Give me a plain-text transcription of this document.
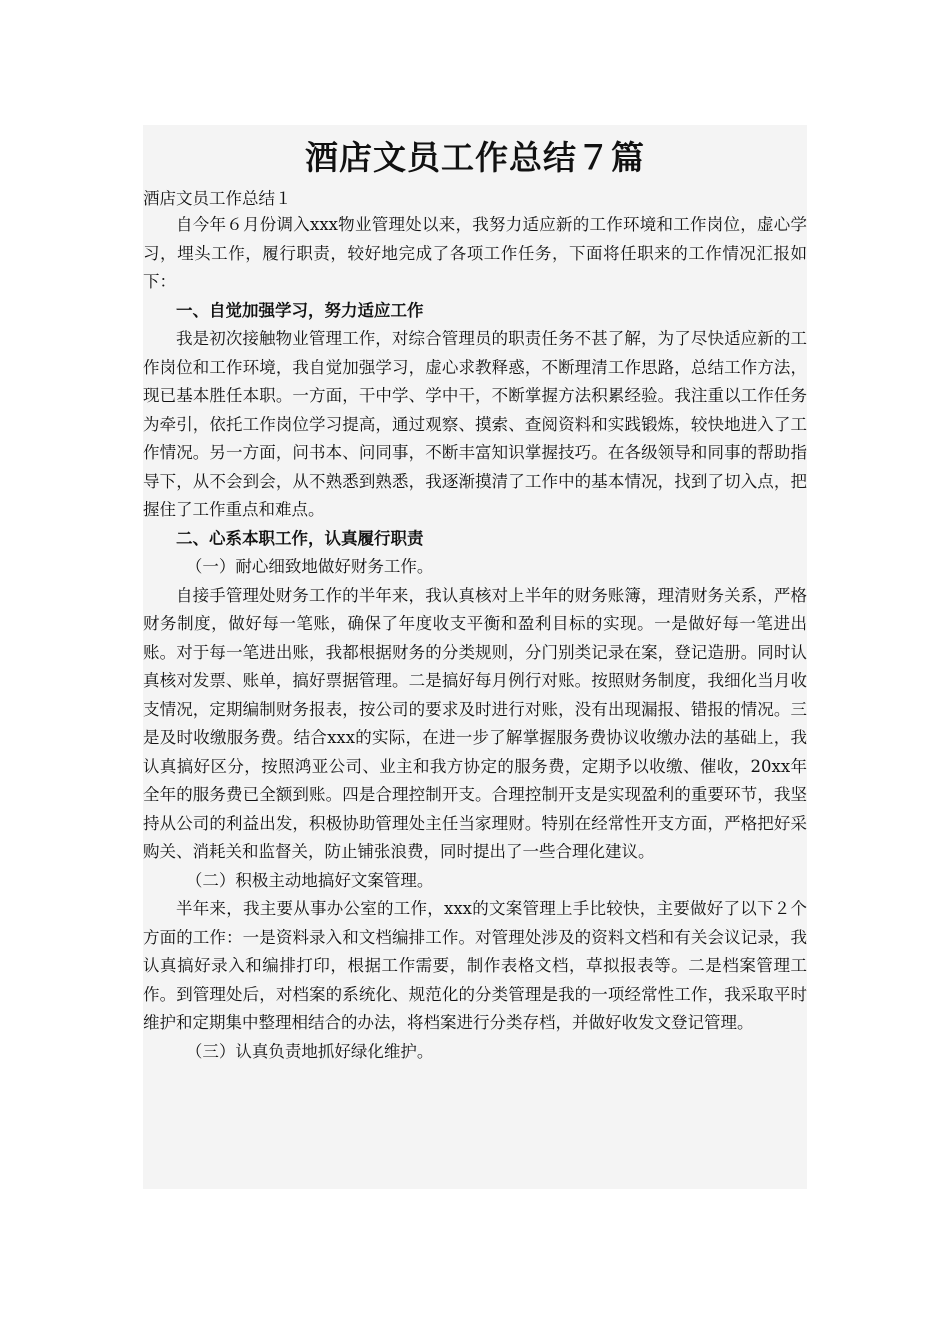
酒店文员工作总结７篇

酒店文员工作总结１

自今年６月份调入xxx物业管理处以来，我努力适应新的工作环境和工作岗位，虚心学习，埋头工作，履行职责，较好地完成了各项工作任务，下面将任职来的工作情况汇报如下：

一、自觉加强学习，努力适应工作

我是初次接触物业管理工作，对综合管理员的职责任务不甚了解，为了尽快适应新的工作岗位和工作环境，我自觉加强学习，虚心求教释惑，不断理清工作思路，总结工作方法，现已基本胜任本职。一方面，干中学、学中干，不断掌握方法积累经验。我注重以工作任务为牵引，依托工作岗位学习提高，通过观察、摸索、查阅资料和实践锻炼，较快地进入了工作情况。另一方面，问书本、问同事，不断丰富知识掌握技巧。在各级领导和同事的帮助指导下，从不会到会，从不熟悉到熟悉，我逐渐摸清了工作中的基本情况，找到了切入点，把握住了工作重点和难点。

二、心系本职工作，认真履行职责

（一）耐心细致地做好财务工作。

自接手管理处财务工作的半年来，我认真核对上半年的财务账簿，理清财务关系，严格财务制度，做好每一笔账，确保了年度收支平衡和盈利目标的实现。一是做好每一笔进出账。对于每一笔进出账，我都根据财务的分类规则，分门别类记录在案，登记造册。同时认真核对发票、账单，搞好票据管理。二是搞好每月例行对账。按照财务制度，我细化当月收支情况，定期编制财务报表，按公司的要求及时进行对账，没有出现漏报、错报的情况。三是及时收缴服务费。结合xxx的实际，在进一步了解掌握服务费协议收缴办法的基础上，我认真搞好区分，按照鸿亚公司、业主和我方协定的服务费，定期予以收缴、催收，20xx年全年的服务费已全额到账。四是合理控制开支。合理控制开支是实现盈利的重要环节，我坚持从公司的利益出发，积极协助管理处主任当家理财。特别在经常性开支方面，严格把好采购关、消耗关和监督关，防止铺张浪费，同时提出了一些合理化建议。

（二）积极主动地搞好文案管理。

半年来，我主要从事办公室的工作，xxx的文案管理上手比较快，主要做好了以下２个方面的工作：一是资料录入和文档编排工作。对管理处涉及的资料文档和有关会议记录，我认真搞好录入和编排打印，根据工作需要，制作表格文档，草拟报表等。二是档案管理工作。到管理处后，对档案的系统化、规范化的分类管理是我的一项经常性工作，我采取平时维护和定期集中整理相结合的办法，将档案进行分类存档，并做好收发文登记管理。

（三）认真负责地抓好绿化维护。
